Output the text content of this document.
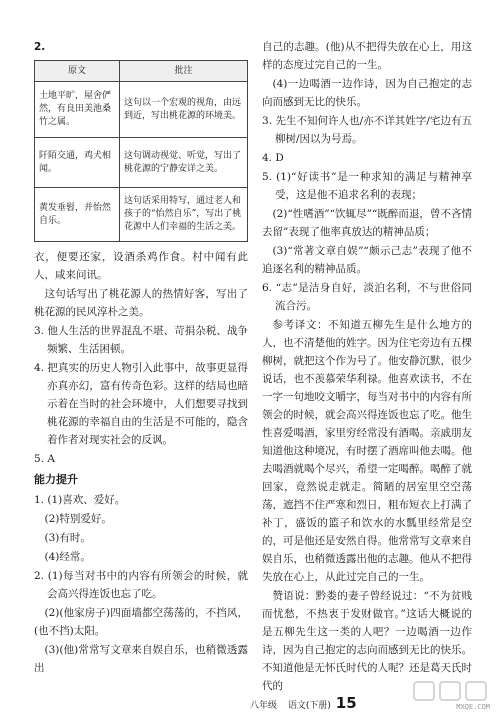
2.
原文	批注
土地平旷，屋舍俨然，有良田美池桑竹之属。	这句以一个宏观的视角，由远到近，写出桃花源的环境美。
阡陌交通，鸡犬相闻。	这句调动视觉、听觉，写出了桃花源的宁静安详之美。
黄发垂髫，并怡然自乐。	这句话采用特写，通过老人和孩子的“怡然自乐”，写出了桃花源中人们幸福的生活之美。
衣，便要还家，设酒杀鸡作食。村中闻有此人，咸来问讯。
这句话写出了桃花源人的热情好客，写出了桃花源的民风淳朴之美。
3. 他人生活的世界混乱不堪、苛捐杂税、战争频繁、生活困顿。
4. 把真实的历史人物引入此事中，故事更显得亦真亦幻，富有传奇色彩。这样的结局也暗示着在当时的社会环境中，人们想要寻找到桃花源的幸福自由的生活是不可能的，隐含着作者对现实社会的反讽。
5. A
能力提升
1. (1)喜欢、爱好。
(2)特别爱好。
(3)有时。
(4)经常。
2. (1)每当对书中的内容有所领会的时候，就会高兴得连饭也忘了吃。
(2)(他家房子)四面墙都空荡荡的，不挡风，(也不挡)太阳。
(3)(他)常常写文章来自娱自乐，也稍微透露出
自己的志趣。(他)从不把得失放在心上，用这样的态度过完自己的一生。
(4)一边喝酒一边作诗，因为自己抱定的志向而感到无比的快乐。
3. 先生不知何许人也/亦不详其姓字/宅边有五柳树/因以为号焉。
4. D
5. (1)“好读书”是一种求知的满足与精神享受，这是他不追求名利的表现；
(2)“性嗜酒”“饮辄尽”“既醉而退，曾不吝情去留”表现了他率真放达的精神品质；
(3)“常著文章自娱”“颇示己志”表现了他不追逐名利的精神品质。
6. “志”是洁身自好，淡泊名利，不与世俗同流合污。
参考译文：不知道五柳先生是什么地方的人，也不清楚他的姓字。因为住宅旁边有五棵柳树，就把这个作为号了。他安静沉默，很少说话，也不羡慕荣华利禄。他喜欢读书，不在一字一句地咬文嚼字，每当对书中的内容有所领会的时候，就会高兴得连饭也忘了吃。他生性喜爱喝酒，家里穷经常没有酒喝。亲戚朋友知道他这种境况，有时摆了酒席叫他去喝。他去喝酒就喝个尽兴，希望一定喝醉。喝醉了就回家，竟然说走就走。简陋的居室里空空荡荡，遮挡不住严寒和烈日，粗布短衣上打满了补丁，盛饭的篮子和饮水的水瓢里经常是空的，可是他还是安然自得。他常常写文章来自娱自乐，也稍微透露出他的志趣。他从不把得失放在心上，从此过完自己的一生。
赞语说：黔娄的妻子曾经说过：“不为贫贱而忧愁，不热衷于发财做官。”这话大概说的是五柳先生这一类的人吧？一边喝酒一边作诗，因为自己抱定的志向而感到无比的快乐。不知道他是无怀氏时代的人呢？还是葛天氏时代的
八年级 语文(下册) 15	MXQE.COM
